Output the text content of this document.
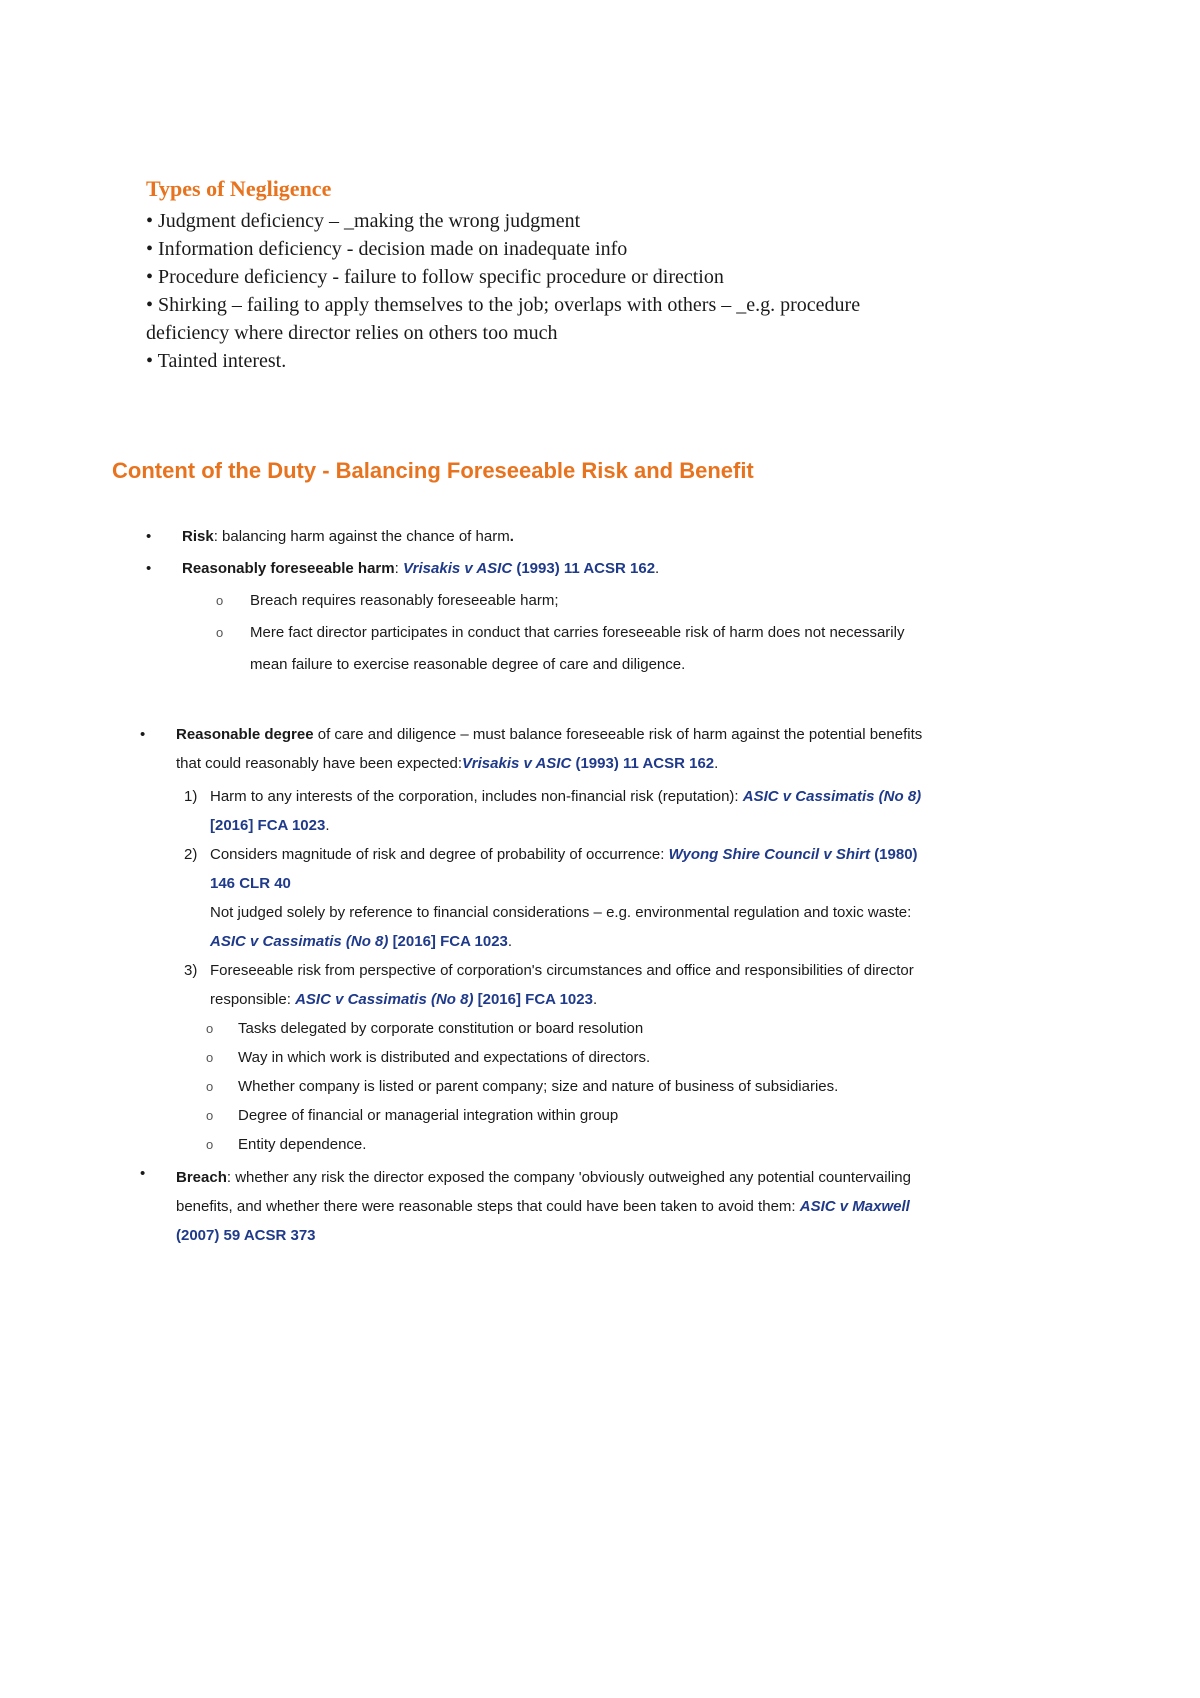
Types of Negligence
• Judgment deficiency – _making the wrong judgment
• Information deficiency - decision made on inadequate info
• Procedure deficiency - failure to follow specific procedure or direction
• Shirking – failing to apply themselves to the job; overlaps with others – _e.g. procedure
deficiency where director relies on others too much
• Tainted interest.
Content of the Duty - Balancing Foreseeable Risk and Benefit
•	Risk: balancing harm against the chance of harm.
•	Reasonably foreseeable harm: Vrisakis v ASIC (1993) 11 ACSR 162.
o	Breach requires reasonably foreseeable harm;
o	Mere fact director participates in conduct that carries foreseeable risk of harm does not necessarily
mean failure to exercise reasonable degree of care and diligence.
•	Reasonable degree of care and diligence – must balance foreseeable risk of harm against the potential benefits
that could reasonably have been expected: Vrisakis v ASIC
(1993) 11 ACSR 162 .
1) Harm to any interests of the corporation, includes non-financial risk (reputation): ASIC v Cassimatis (No 8)
[2016] FCA 1023.
2) Considers magnitude of risk and degree of probability of occurrence: Wyong Shire Council v Shirt (1980)
146 CLR 40
Not judged solely by reference to financial considerations – e.g. environmental regulation and toxic waste:
ASIC v Cassimatis (No 8) [2016] FCA 1023.
3) Foreseeable risk from perspective of corporation's circumstances and office and responsibilities of director
responsible: ASIC v Cassimatis (No 8) [2016] FCA 1023.
o	Tasks delegated by corporate constitution or board resolution
o	Way in which work is distributed and expectations of directors.
o	Whether company is listed or parent company; size and nature of business of subsidiaries.
o	Degree of financial or managerial integration within group
o	Entity dependence.
•	Breach: whether any risk the director exposed the company 'obviously outweighed any potential countervailing
benefits, and whether there were reasonable steps that could have been taken to avoid them: ASIC v Maxwell
(2007) 59 ACSR 373
